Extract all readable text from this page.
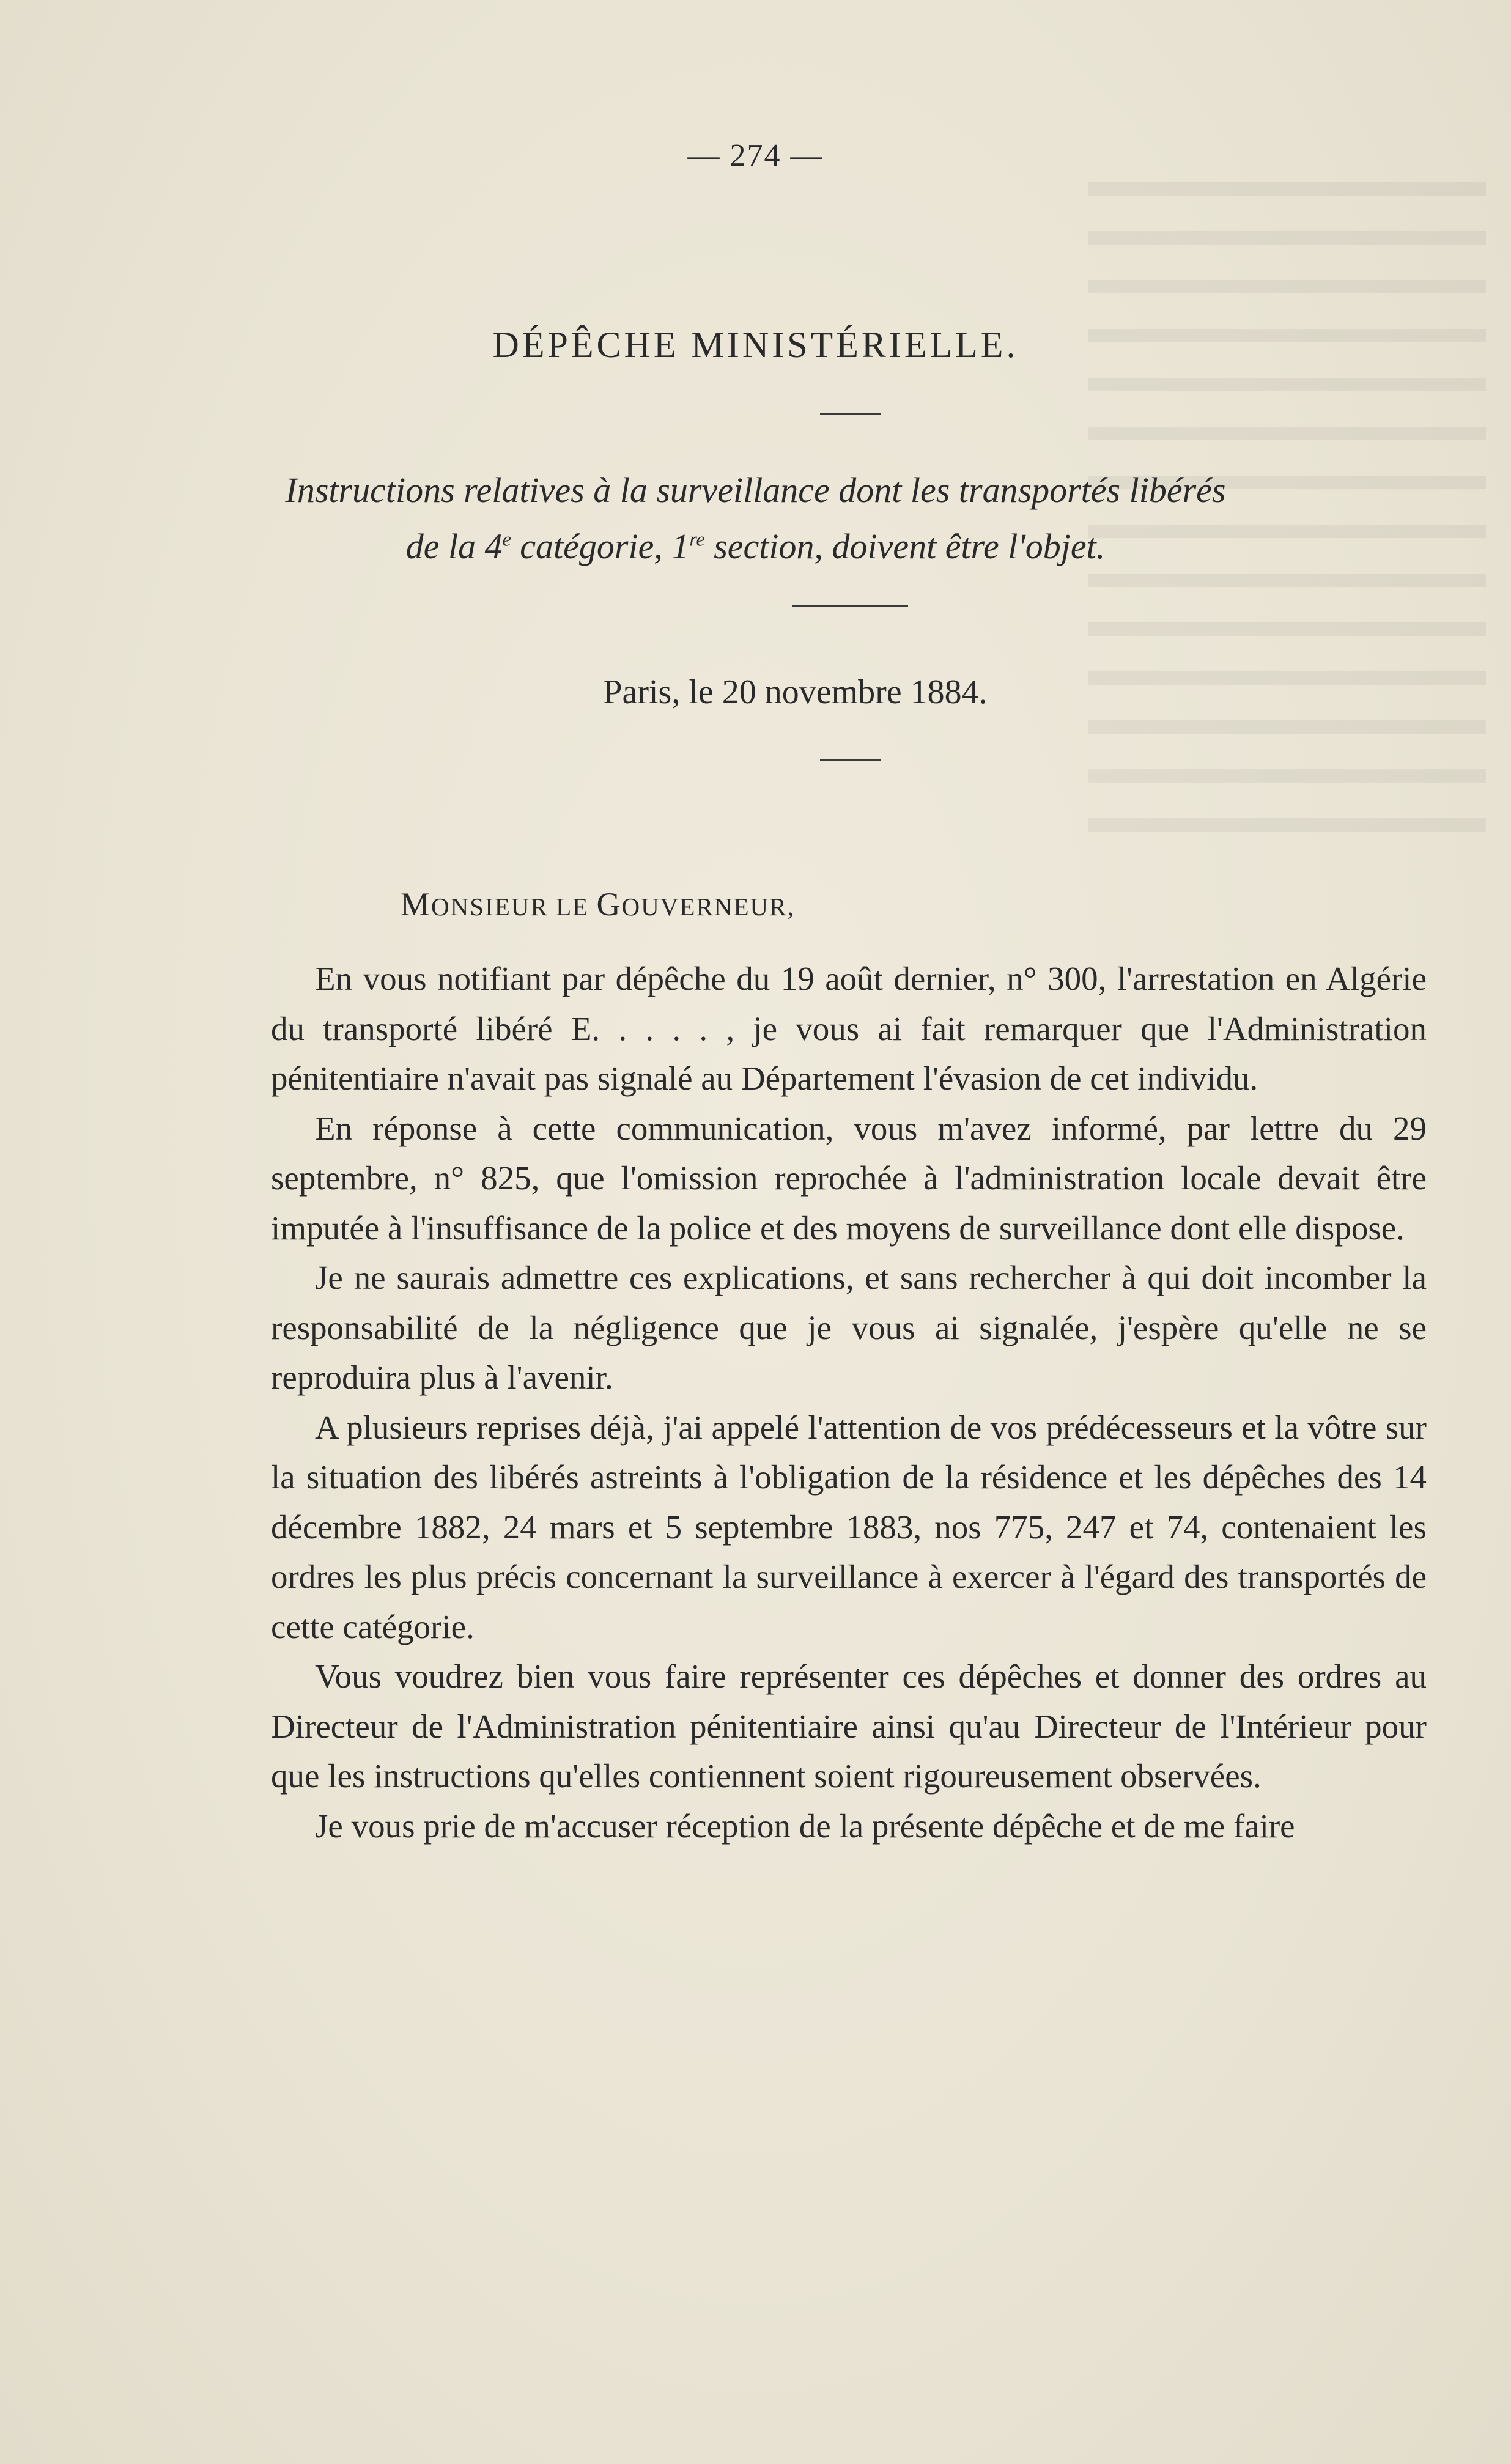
— 274 —
DÉPÊCHE MINISTÉRIELLE.
Instructions relatives à la surveillance dont les transportés libérés
de la 4e catégorie, 1re section, doivent être l'objet.
Paris, le 20 novembre 1884.
MONSIEUR LE GOUVERNEUR,

En vous notifiant par dépêche du 19 août dernier, n° 300, l'arrestation en Algérie du transporté libéré E. . . . . , je vous ai fait remarquer que l'Administration pénitentiaire n'avait pas signalé au Département l'évasion de cet individu.

En réponse à cette communication, vous m'avez informé, par lettre du 29 septembre, n° 825, que l'omission reprochée à l'administration locale devait être imputée à l'insuffisance de la police et des moyens de surveillance dont elle dispose.

Je ne saurais admettre ces explications, et sans rechercher à qui doit incomber la responsabilité de la négligence que je vous ai signalée, j'espère qu'elle ne se reproduira plus à l'avenir.

A plusieurs reprises déjà, j'ai appelé l'attention de vos prédécesseurs et la vôtre sur la situation des libérés astreints à l'obligation de la résidence et les dépêches des 14 décembre 1882, 24 mars et 5 septembre 1883, nos 775, 247 et 74, contenaient les ordres les plus précis concernant la surveillance à exercer à l'égard des transportés de cette catégorie.

Vous voudrez bien vous faire représenter ces dépêches et donner des ordres au Directeur de l'Administration pénitentiaire ainsi qu'au Directeur de l'Intérieur pour que les instructions qu'elles contiennent soient rigoureusement observées.

Je vous prie de m'accuser réception de la présente dépêche et de me faire
